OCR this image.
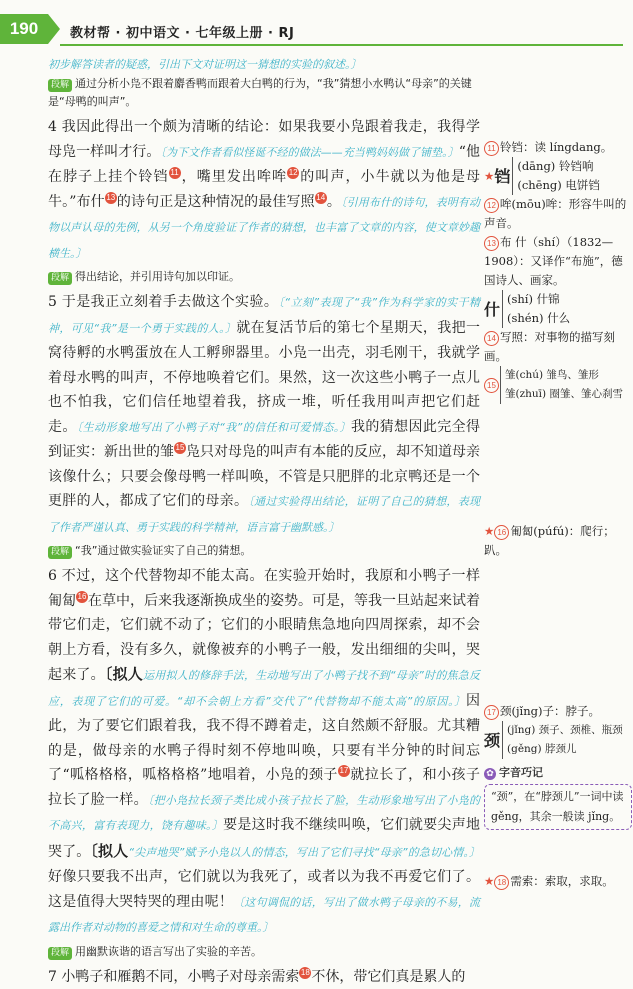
190	教材帮 · 初中语文 · 七年级上册 · RJ

初步解答读者的疑惑，引出下文对证明这一猜想的实验的叙述。〕

段解 通过分析小凫不跟着麝香鸭而跟着大白鸭的行为，“我”猜想小水鸭认“母亲”的关键是“母鸭的叫声”。

4 我因此得出一个颇为清晰的结论：如果我要小凫跟着我走，我得学母凫一样叫才行。〔为下文作者看似怪诞不经的做法——充当鸭妈妈做了铺垫。〕“他在脖子上挂个铃铛 $^{11}$ ，嘴里发出哞哞 $^{12}$ 的叫声，小牛就以为他是母牛。”布什 $^{13}$ 的诗句正是这种情况的最佳写照 $^{14}$ 。〔引用布什的诗句，表明有动物以声认母的先例，从另一个角度验证了作者的猜想，也丰富了文章的内容，使文章妙趣横生。〕

段解 得出结论，并引用诗句加以印证。

5 于是我正立刻着手去做这个实验。〔“立刻”表现了“我”作为科学家的实干精神，可见“我”是一个勇于实践的人。〕就在复活节后的第七个星期天，我把一窝待孵的水鸭蛋放在人工孵卵器里。小凫一出壳，羽毛刚干，我就学着母水鸭的叫声，不停地唤着它们。果然，这一次这些小鸭子一点儿也不怕我，它们信任地望着我，挤成一堆，听任我用叫声把它们赶走。〔生动形象地写出了小鸭子对“我”的信任和可爱情态。〕我的猜想因此完全得到证实：新出世的雏 $^{15}$ 凫只对母凫的叫声有本能的反应，却不知道母亲该像什么；只要会像母鸭一样叫唤，不管是只肥胖的北京鸭还是一个更胖的人，都成了它们的母亲。〔通过实验得出结论，证明了自己的猜想，表现了作者严谨认真、勇于实践的科学精神，语言富于幽默感。〕

段解 “我”通过做实验证实了自己的猜想。

6 不过，这个代替物却不能太高。在实验开始时，我原和小鸭子一样匍匐 $^{16}$ 在草中，后来我逐渐换成坐的姿势。可是，等我一旦站起来试着带它们走，它们就不动了；它们的小眼睛焦急地向四周探索，却不会朝上方看，没有多久，就像被弃的小鸭子一般，发出细细的尖叫，哭起来了。〔拟人运用拟人的修辞手法，生动地写出了小鸭子找不到“母亲”时的焦急反应，表现了它们的可爱。“却不会朝上方看”交代了“代替物却不能太高”的原因。〕因此，为了要它们跟着我，我不得不蹲着走，这自然颇不舒服。尤其糟的是，做母亲的水鸭子得时刻不停地叫唤，只要有半分钟的时间忘了“呱格格格，呱格格格”地唱着，小凫的颈子 $^{17}$ 就拉长了，和小孩子拉长了脸一样。〔把小凫拉长颈子类比成小孩子拉长了脸，生动形象地写出了小凫的不高兴，富有表现力，饶有趣味。〕要是这时我不继续叫唤，它们就要尖声地哭了。〔拟人“尖声地哭”赋予小凫以人的情态，写出了它们寻找“母亲”的急切心情。〕好像只要我不出声，它们就以为我死了，或者以为我不再爱它们了。这是值得大哭特哭的理由呢！〔这句调侃的话，写出了做水鸭子母亲的不易，流露出作者对动物的喜爱之情和对生命的尊重。〕

段解 用幽默诙谐的语言写出了实验的辛苦。

7 小鸭子和雁鹅不同，小鸭子对母亲需索 $^{18}$ 不休，带它们真是累人的

11 铃铛：读 língdang。
★ 铛
(dāng) 铃铛响
(chēng) 电饼铛
12 哞(mōu)哞：形容牛叫的声音。
13 布 什（shí）（1832—1908）：又译作“布施”，德国诗人、画家。
什
(shí) 什锦
(shén) 什么
14 写照：对事物的描写刻画。
15
雏(chú) 雏鸟、雏形
雏(zhuī) 圈雏、雏心刹雪
★ 16 匍匐(púfú)：爬行；趴。
17 颈(jǐng)子：脖子。
颈
(jǐng) 颈子、颈椎、瓶颈
(gěng) 脖颈儿
✿ 字音巧记
“颈”，在“脖颈儿”一词中读 gěng，其余一般读 jǐng。
★ 18 需索：索取，求取。
